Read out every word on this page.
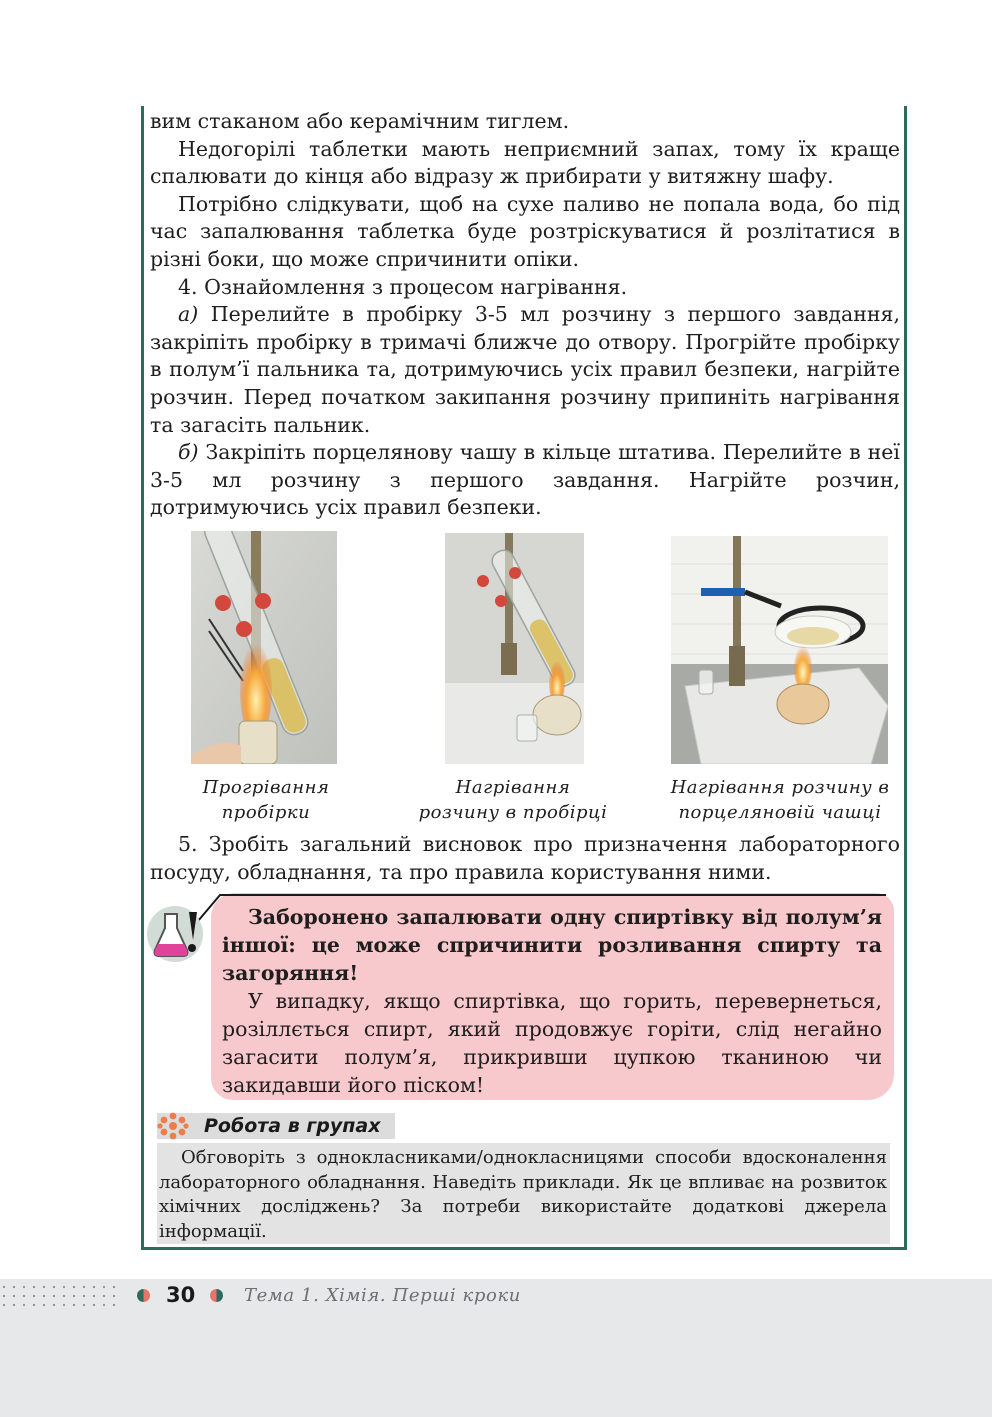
вим стаканом або керамічним тиглем.

Недогорілі таблетки мають неприємний запах, тому їх краще спалювати до кінця або відразу ж прибирати у витяжну шафу.

Потрібно слідкувати, щоб на сухе паливо не попала вода, бо під час запалювання таблетка буде розтріскуватися й розлітатися в різні боки, що може спричинити опіки.

4. Ознайомлення з процесом нагрівання.

а) Перелийте в пробірку 3-5 мл розчину з першого завдання, закріпіть пробірку в тримачі ближче до отвору. Прогрійте пробірку в полум’ї пальника та, дотримуючись усіх правил безпеки, нагрійте розчин. Перед початком закипання розчину припиніть нагрівання та загасіть пальник.

б) Закріпіть порцелянову чашу в кільце штатива. Перелийте в неї 3-5 мл розчину з першого завдання. Нагрійте розчин, дотримуючись усіх правил безпеки.

Прогрівання
пробірки
Нагрівання
розчину в пробірці
Нагрівання розчину в
порцеляновій чашці

5. Зробіть загальний висновок про призначення лабораторного посуду, обладнання, та про правила користування ними.

Заборонено запалювати одну спиртівку від полум’я іншої: це може спричинити розливання спирту та загоряння!

У випадку, якщо спиртівка, що горить, перевернеться, розіллється спирт, який продовжує горіти, слід негайно загасити полум’я, прикривши цупкою тканиною чи закидавши його піском!

Робота в групах

Обговоріть з однокласниками/однокласницями способи вдосконалення лабораторного обладнання. Наведіть приклади. Як це впливає на розвиток хімічних досліджень? За потреби використайте додаткові джерела інформації.

30	Тема 1. Хімія. Перші кроки
